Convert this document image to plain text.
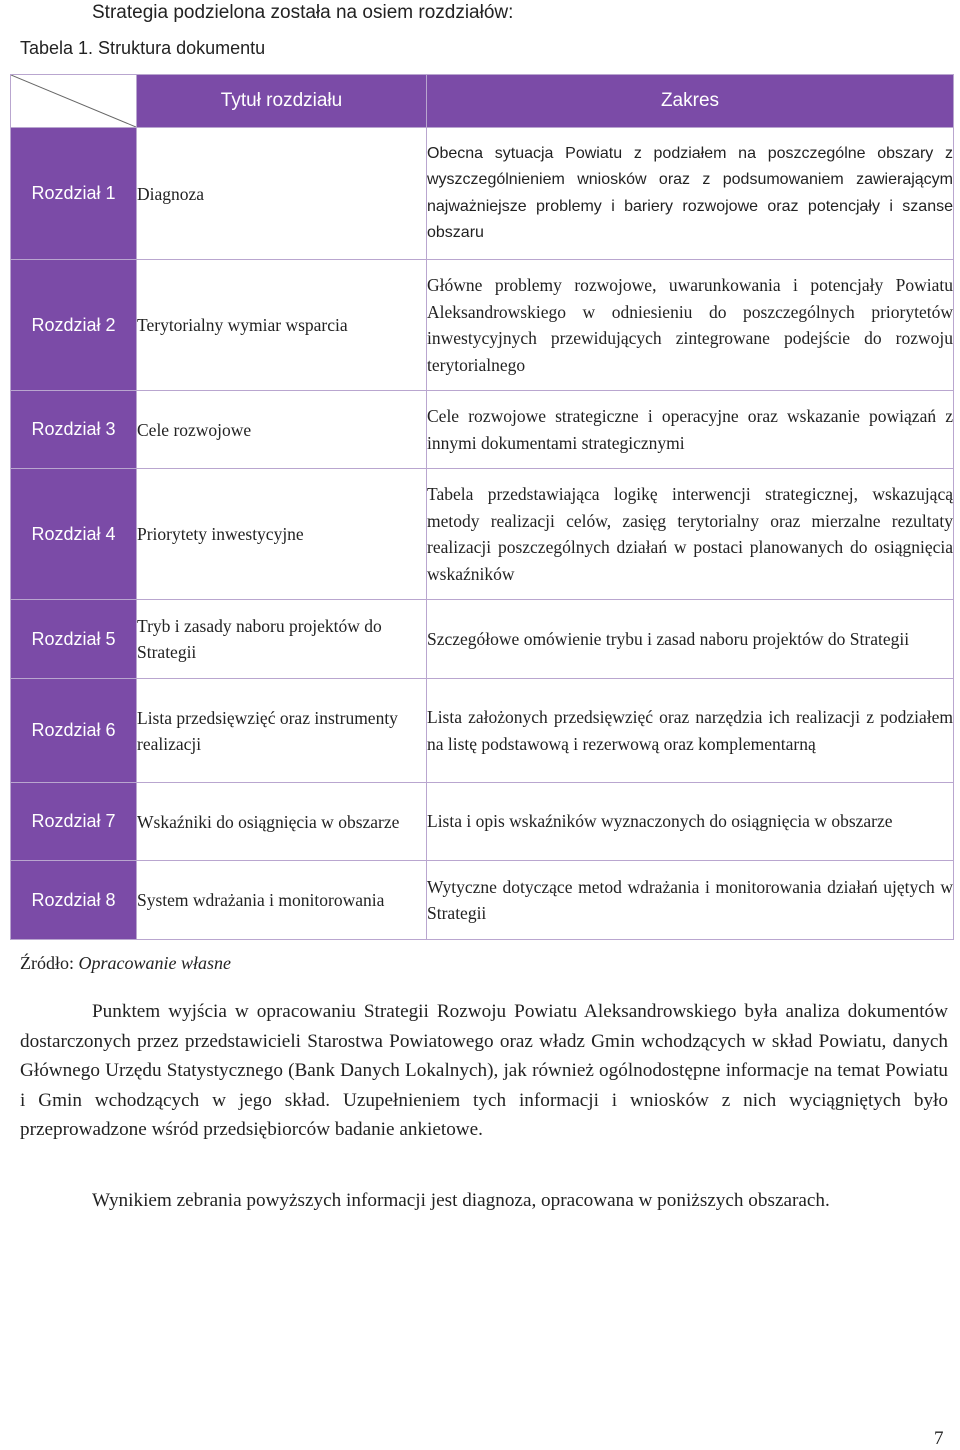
Strategia podzielona została na osiem rozdziałów:
Tabela 1. Struktura dokumentu
	Tytuł rozdziału	Zakres
Rozdział 1	Diagnoza	Obecna sytuacja Powiatu z podziałem na poszczególne obszary z wyszczególnieniem wniosków oraz z podsumowaniem zawierającym najważniejsze problemy i bariery rozwojowe oraz potencjały i szanse obszaru
Rozdział 2	Terytorialny wymiar wsparcia	Główne problemy rozwojowe, uwarunkowania i potencjały Powiatu Aleksandrowskiego w odniesieniu do poszczególnych priorytetów inwestycyjnych przewidujących zintegrowane podejście do rozwoju terytorialnego
Rozdział 3	Cele rozwojowe	Cele rozwojowe strategiczne i operacyjne oraz wskazanie powiązań z innymi dokumentami strategicznymi
Rozdział 4	Priorytety inwestycyjne	Tabela przedstawiająca logikę interwencji strategicznej, wskazującą metody realizacji celów, zasięg terytorialny oraz mierzalne rezultaty realizacji poszczególnych działań w postaci planowanych do osiągnięcia wskaźników
Rozdział 5	Tryb i zasady naboru projektów do Strategii	Szczegółowe omówienie trybu i zasad naboru projektów do Strategii
Rozdział 6	Lista przedsięwzięć oraz instrumenty realizacji	Lista założonych przedsięwzięć oraz narzędzia ich realizacji z podziałem na listę podstawową i rezerwową oraz komplementarną
Rozdział 7	Wskaźniki do osiągnięcia w obszarze	Lista i opis wskaźników wyznaczonych do osiągnięcia w obszarze
Rozdział 8	System wdrażania i monitorowania	Wytyczne dotyczące metod wdrażania i monitorowania działań ujętych w Strategii
Źródło: Opracowanie własne
Punktem wyjścia w opracowaniu Strategii Rozwoju Powiatu Aleksandrowskiego była analiza dokumentów dostarczonych przez przedstawicieli Starostwa Powiatowego oraz władz Gmin wchodzących w skład Powiatu, danych Głównego Urzędu Statystycznego (Bank Danych Lokalnych), jak również ogólnodostępne informacje na temat Powiatu i Gmin wchodzących w jego skład. Uzupełnieniem tych informacji i wniosków z nich wyciągniętych było przeprowadzone wśród przedsiębiorców badanie ankietowe.
Wynikiem zebrania powyższych informacji jest diagnoza, opracowana w poniższych obszarach.
7
